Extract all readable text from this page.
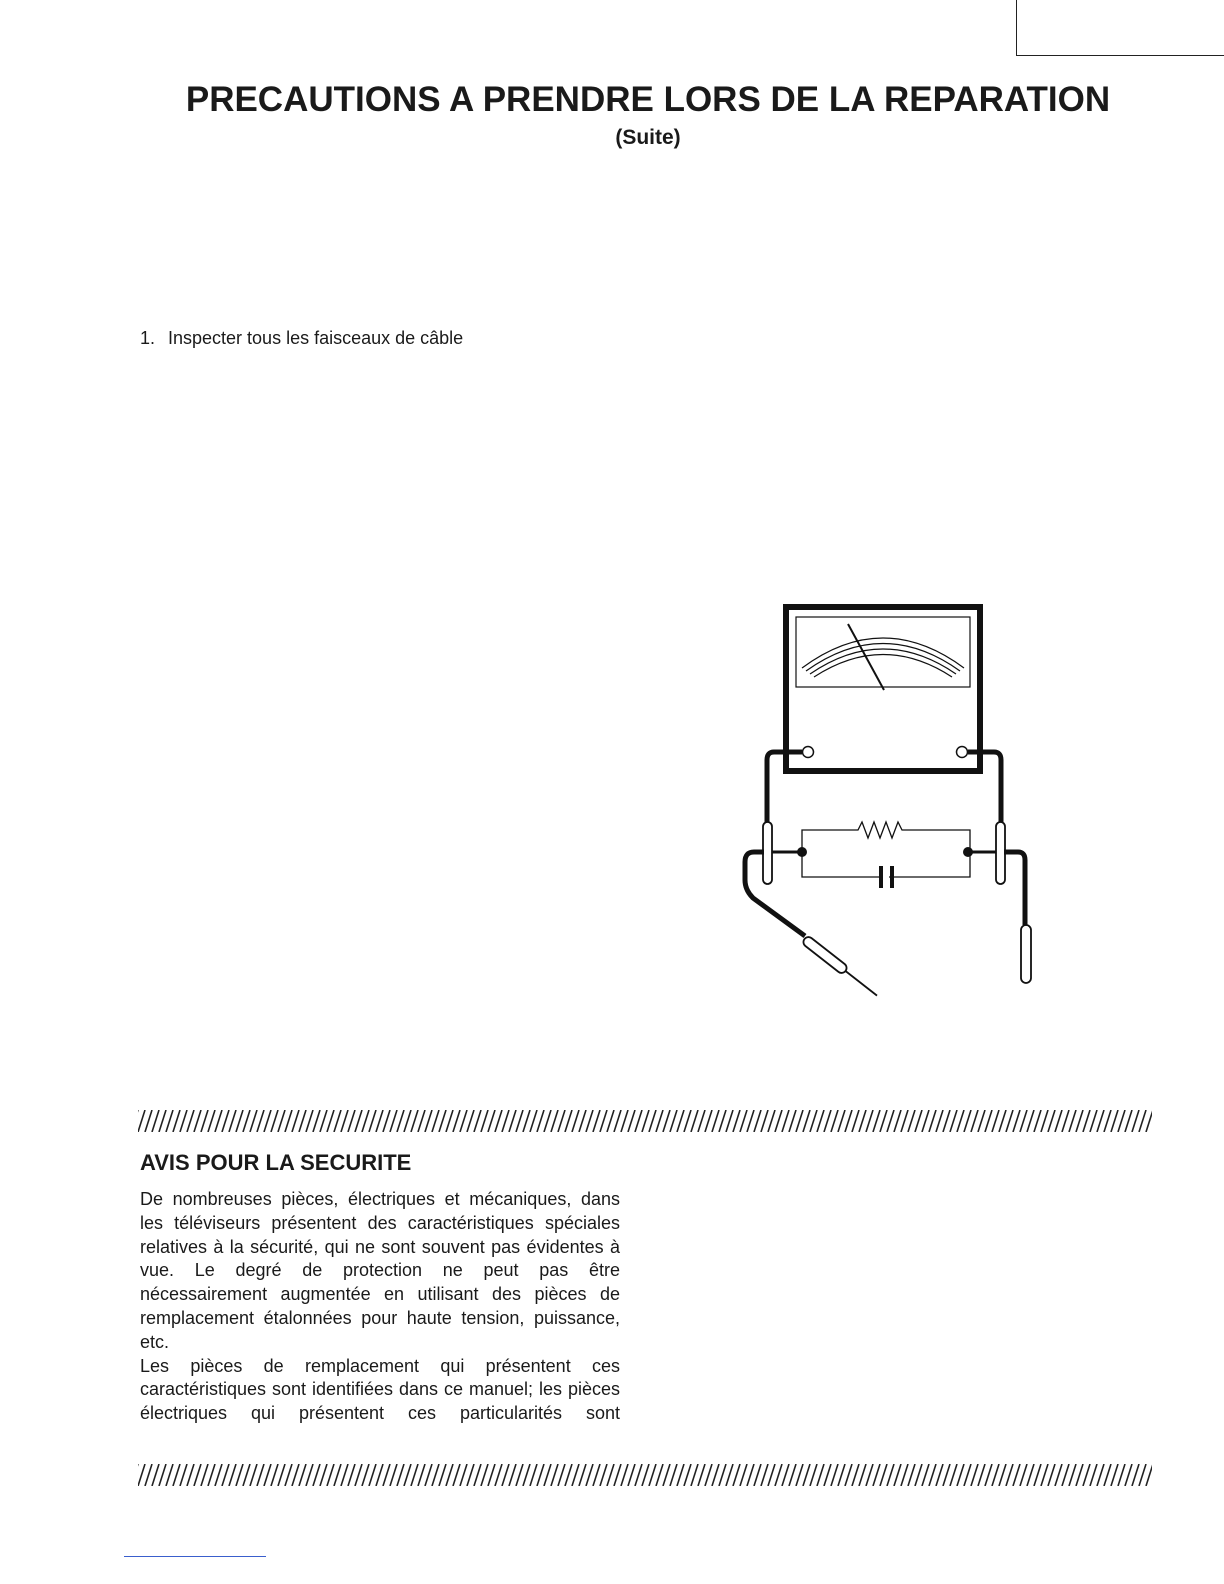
PRECAUTIONS A PRENDRE LORS DE LA REPARATION
(Suite)
1. Inspecter tous les faisceaux de câble
AVIS POUR LA SECURITE
De nombreuses pièces, électriques et mécaniques, dans les téléviseurs présentent des caractéristiques spéciales relatives à la sécurité, qui ne sont souvent pas évidentes à vue. Le degré de protection ne peut pas être nécessairement augmentée en utilisant des pièces de remplacement étalonnées pour haute tension, puissance, etc.
Les pièces de remplacement qui présentent ces caractéristiques sont identifiées dans ce manuel; les pièces électriques qui présentent ces particularités sont
